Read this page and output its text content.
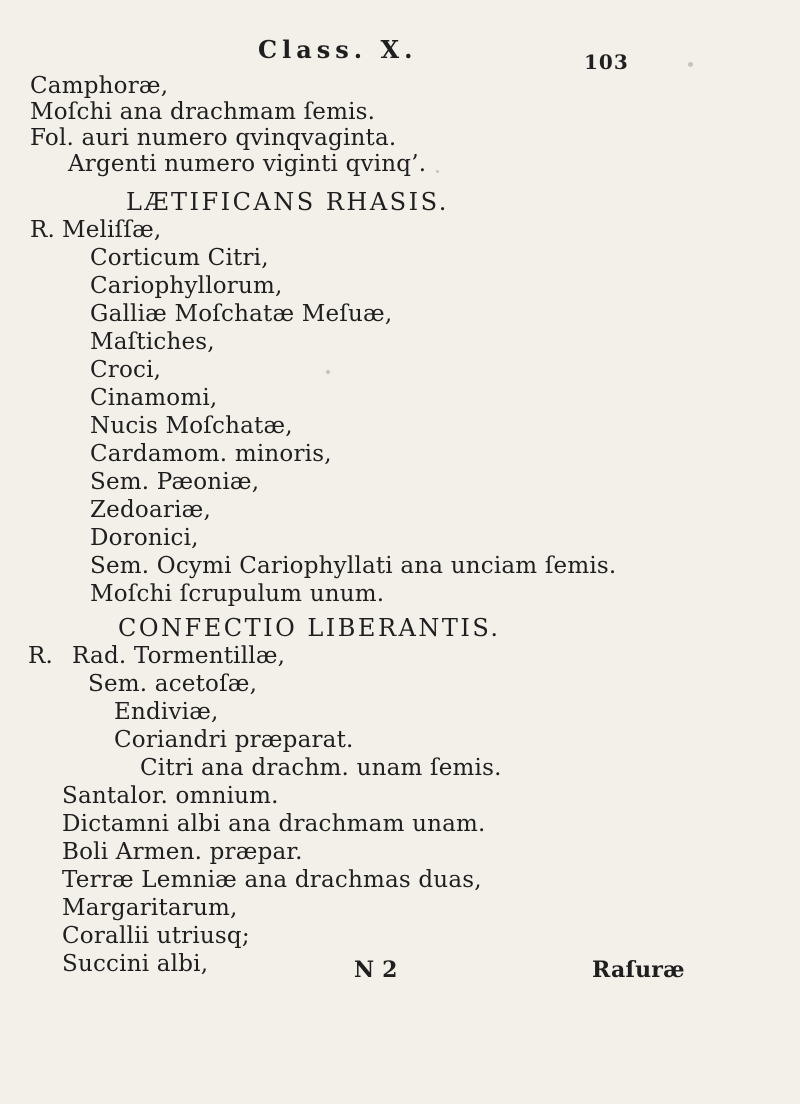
Class. X.	103
Camphoræ,
Moſchi ana drachmam ſemis.
Fol. auri numero qvinqvaginta.
Argenti numero viginti qvinq’.
LÆTIFICANS RHASIS.
R. Meliſſæ,
Corticum Citri,
Cariophyllorum,
Galliæ Moſchatæ Meſuæ,
Maſtiches,
Croci,
Cinamomi,
Nucis Moſchatæ,
Cardamom. minoris,
Sem. Pæoniæ,
Zedoariæ,
Doronici,
Sem. Ocymi Cariophyllati ana unciam ſemis.
Moſchi ſcrupulum unum.
CONFECTIO LIBERANTIS.
R. Rad. Tormentillæ,
Sem. acetoſæ,
Endiviæ,
Coriandri præparat.
Citri ana drachm. unam ſemis.
Santalor. omnium.
Dictamni albi ana drachmam unam.
Boli Armen. præpar.
Terræ Lemniæ ana drachmas duas,
Margaritarum,
Corallii utriusq;
Succini albi,	N 2	Raſuræ
